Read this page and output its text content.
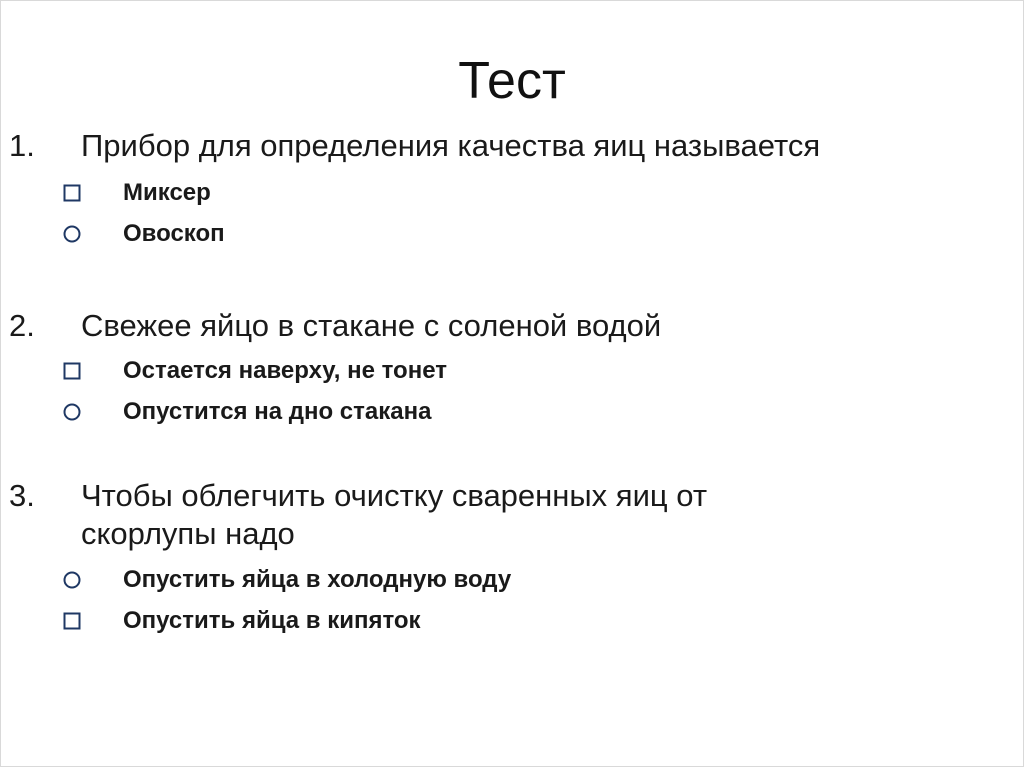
Тест
1. Прибор для определения качества яиц называется
Миксер
Овоскоп
2. Свежее яйцо в стакане с соленой водой
Остается наверху, не тонет
Опустится на дно стакана
3. Чтобы облегчить очистку сваренных яиц от скорлупы надо
Опустить яйца в холодную воду
Опустить яйца в кипяток
